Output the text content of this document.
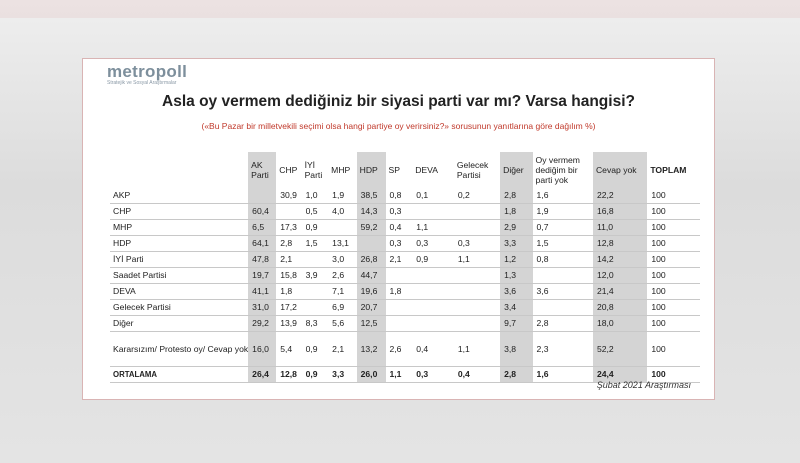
metropoll
Stratejik ve Sosyal Araştırmalar
Asla oy vermem dediğiniz bir siyasi parti var mı? Varsa hangisi?
(«Bu Pazar bir milletvekili seçimi olsa hangi partiye oy verirsiniz?» sorusunun yanıtlarına göre dağılım %)
	AK Parti	CHP	İYİ Parti	MHP	HDP	SP	DEVA	Gelecek Partisi	Diğer	Oy vermem dediğim bir parti yok	Cevap yok	TOPLAM
AKP		30,9	1,0	1,9	38,5	0,8	0,1	0,2	2,8	1,6	22,2	100
CHP	60,4		0,5	4,0	14,3	0,3			1,8	1,9	16,8	100
MHP	6,5	17,3	0,9		59,2	0,4	1,1		2,9	0,7	11,0	100
HDP	64,1	2,8	1,5	13,1		0,3	0,3	0,3	3,3	1,5	12,8	100
İYİ Parti	47,8	2,1		3,0	26,8	2,1	0,9	1,1	1,2	0,8	14,2	100
Saadet Partisi	19,7	15,8	3,9	2,6	44,7				1,3		12,0	100
DEVA	41,1	1,8		7,1	19,6	1,8			3,6	3,6	21,4	100
Gelecek Partisi	31,0	17,2		6,9	20,7				3,4		20,8	100
Diğer	29,2	13,9	8,3	5,6	12,5				9,7	2,8	18,0	100
Kararsızım/ Protesto oy/ Cevap yok	16,0	5,4	0,9	2,1	13,2	2,6	0,4	1,1	3,8	2,3	52,2	100
ORTALAMA	26,4	12,8	0,9	3,3	26,0	1,1	0,3	0,4	2,8	1,6	24,4	100
Şubat 2021 Araştırması
